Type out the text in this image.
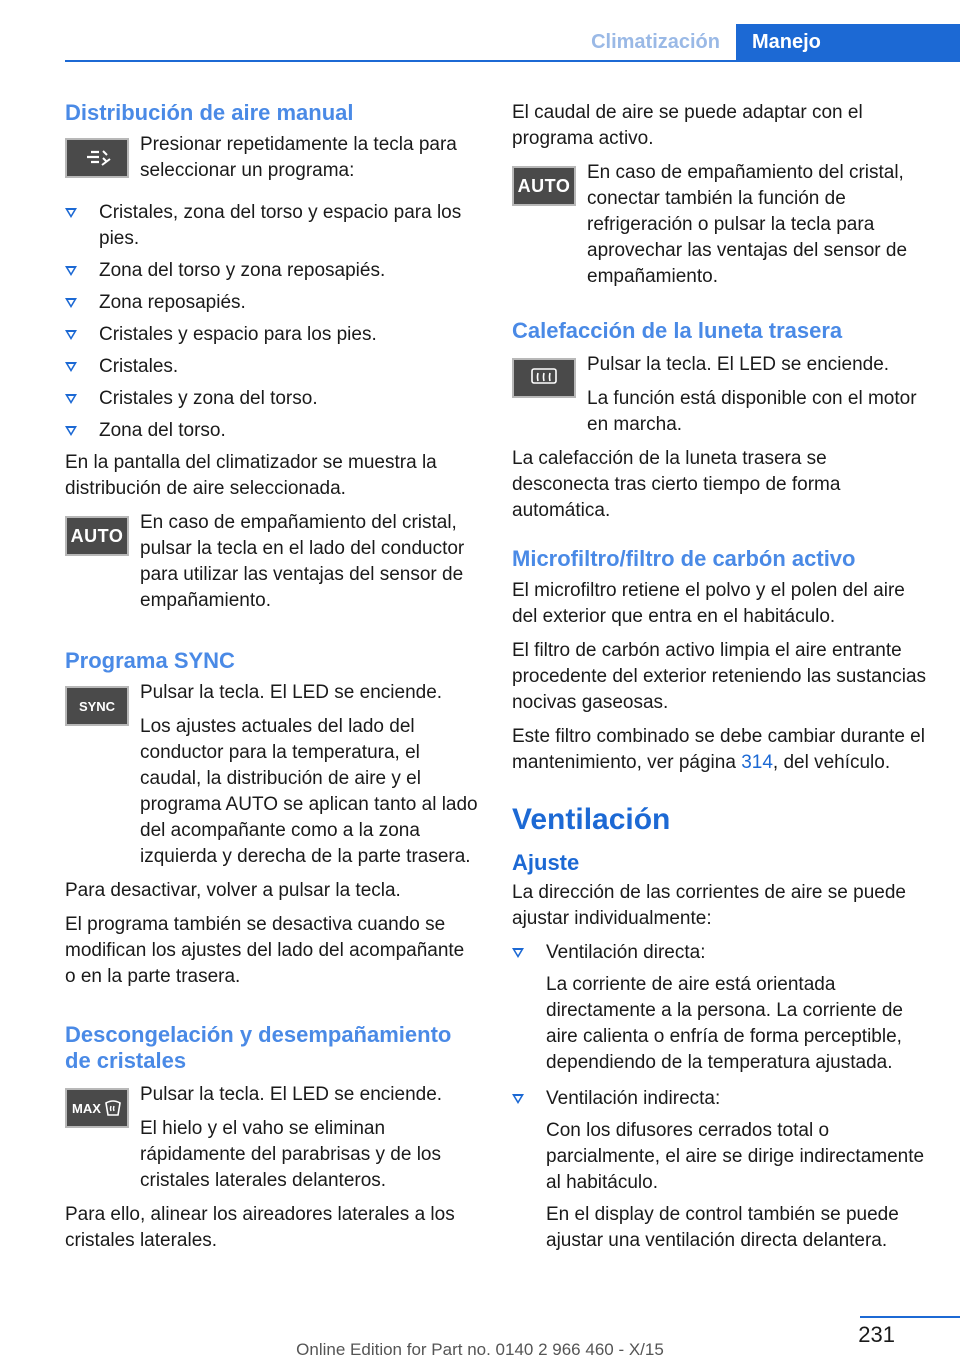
Climatización	Manejo
Distribución de aire manual

Presionar repetidamente la tecla para seleccionar un programa:

Cristales, zona del torso y espacio para los pies.
Zona del torso y zona reposapiés.
Zona reposapiés.
Cristales y espacio para los pies.
Cristales.
Cristales y zona del torso.
Zona del torso.

En la pantalla del climatizador se muestra la distribución de aire seleccionada.

AUTO

En caso de empañamiento del cristal, pulsar la tecla en el lado del conductor para utilizar las ventajas del sensor de empañamiento.

Programa SYNC
SYNC

Pulsar la tecla. El LED se enciende.

Los ajustes actuales del lado del conductor para la temperatura, el caudal, la distribución de aire y el programa AUTO se aplican tanto al lado del acompañante como a la zona izquierda y derecha de la parte trasera.

Para desactivar, volver a pulsar la tecla.

El programa también se desactiva cuando se modifican los ajustes del lado del acompañante o en la parte trasera.

Descongelación y desempañamiento de cristales
MAX

Pulsar la tecla. El LED se enciende.

El hielo y el vaho se eliminan rápidamente del parabrisas y de los cristales laterales delanteros.

Para ello, alinear los aireadores laterales a los cristales laterales.

El caudal de aire se puede adaptar con el programa activo.

AUTO

En caso de empañamiento del cristal, conectar también la función de refrigeración o pulsar la tecla para aprovechar las ventajas del sensor de empañamiento.

Calefacción de la luneta trasera

Pulsar la tecla. El LED se enciende.

La función está disponible con el motor en marcha.

La calefacción de la luneta trasera se desconecta tras cierto tiempo de forma automática.

Microfiltro/filtro de carbón activo

El microfiltro retiene el polvo y el polen del aire del exterior que entra en el habitáculo.

El filtro de carbón activo limpia el aire entrante procedente del exterior reteniendo las sustancias nocivas gaseosas.

Este filtro combinado se debe cambiar durante el mantenimiento, ver página 314, del vehículo.

Ventilación
Ajuste

La dirección de las corrientes de aire se puede ajustar individualmente:

Ventilación directa:
La corriente de aire está orientada directamente a la persona. La corriente de aire calienta o enfría de forma perceptible, dependiendo de la temperatura ajustada.
Ventilación indirecta:
Con los difusores cerrados total o parcialmente, el aire se dirige indirectamente al habitáculo.
En el display de control también se puede ajustar una ventilación directa delantera.
231
Online Edition for Part no. 0140 2 966 460 - X/15
